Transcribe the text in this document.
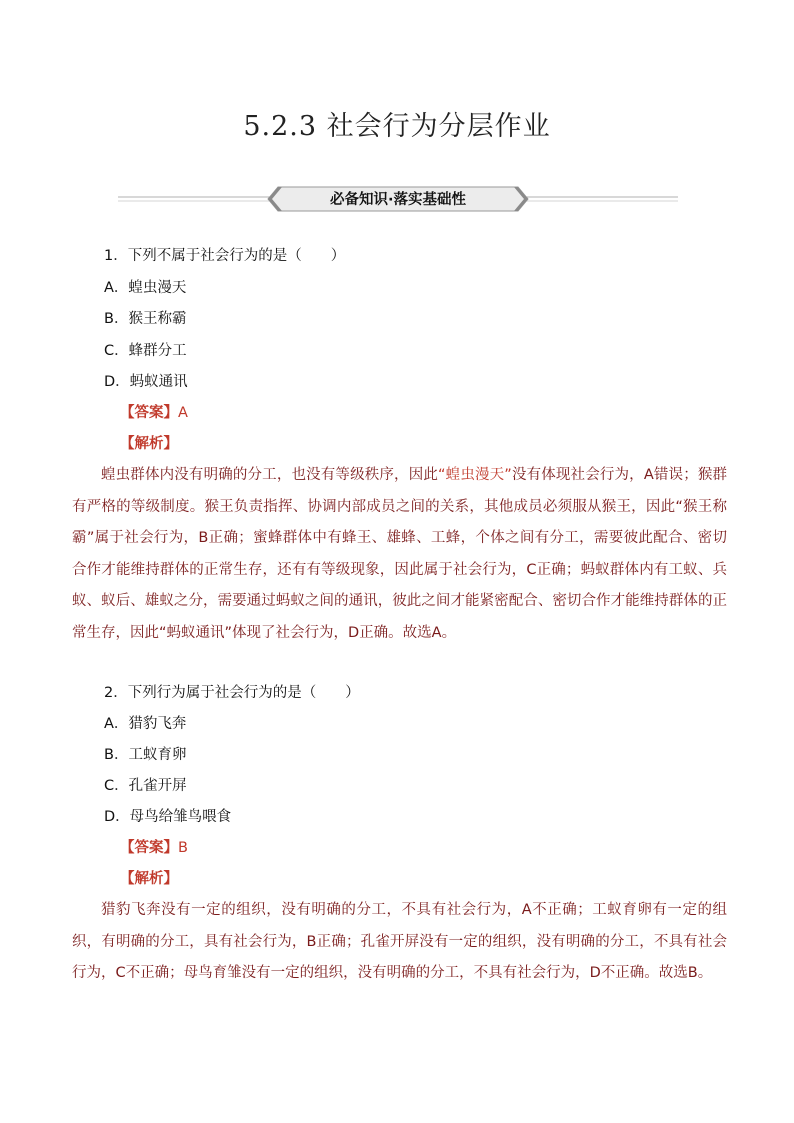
5.2.3 社会行为分层作业
必备知识·落实基础性
1．下列不属于社会行为的是（　　）
A．蝗虫漫天
B．猴王称霸
C．蜂群分工
D．蚂蚁通讯
【答案】A
【解析】
蝗虫群体内没有明确的分工，也没有等级秩序，因此“蝗虫漫天”没有体现社会行为，A错误；猴群有严格的等级制度。猴王负责指挥、协调内部成员之间的关系，其他成员必须服从猴王，因此“猴王称霸”属于社会行为，B正确；蜜蜂群体中有蜂王、雄蜂、工蜂，个体之间有分工，需要彼此配合、密切合作才能维持群体的正常生存，还有有等级现象，因此属于社会行为，C正确；蚂蚁群体内有工蚁、兵蚁、蚁后、雄蚁之分，需要通过蚂蚁之间的通讯，彼此之间才能紧密配合、密切合作才能维持群体的正常生存，因此“蚂蚁通讯”体现了社会行为，D正确。故选A。
2．下列行为属于社会行为的是（　　）
A．猎豹飞奔
B．工蚁育卵
C．孔雀开屏
D．母鸟给雏鸟喂食
【答案】B
【解析】
猎豹飞奔没有一定的组织，没有明确的分工，不具有社会行为，A不正确；工蚁育卵有一定的组织，有明确的分工，具有社会行为，B正确；孔雀开屏没有一定的组织，没有明确的分工，不具有社会行为，C不正确；母鸟育雏没有一定的组织，没有明确的分工，不具有社会行为，D不正确。故选B。
